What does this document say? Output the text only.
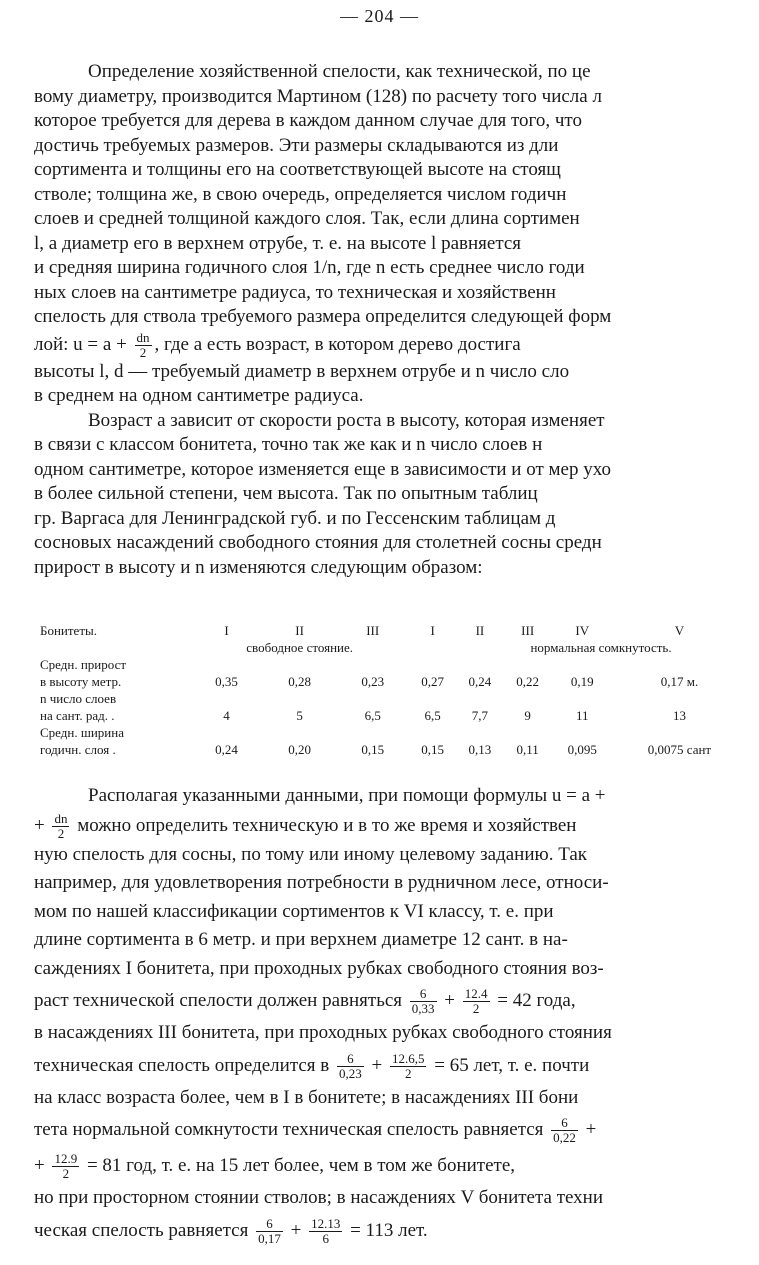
— 204 —
Определение хозяйственной спелости, как технической, по це
вому диаметру, производится Мартином (128) по расчету того числа л
которое требуется для дерева в каждом данном случае для того, что
достичь требуемых размеров. Эти размеры складываются из дли
сортимента и толщины его на соответствующей высоте на стоящ
стволе; толщина же, в свою очередь, определяется числом годичн
слоев и средней толщиной каждого слоя. Так, если длина сортимен
l, а диаметр его в верхнем отрубе, т. е. на высоте l равняется
и средняя ширина годичного слоя 1/n, где n есть среднее число годи
ных слоев на сантиметре радиуса, то техническая и хозяйственн
спелость для ствола требуемого размера определится следующей форм
лой: $u = a + \frac{dn}{2}$ , где a есть возраст, в котором дерево достига
высоты l, d — требуемый диаметр в верхнем отрубе и n число сло
в среднем на одном сантиметре радиуса.
Возраст a зависит от скорости роста в высоту, которая изменяет
в связи с классом бонитета, точно так же как и n число слоев н
одном сантиметре, которое изменяется еще в зависимости и от мер ухо
в более сильной степени, чем высота. Так по опытным таблиц
гр. Варгаса для Ленинградской губ. и по Гессенским таблицам д
сосновых насаждений свободного стояния для столетней сосны средн
прирост в высоту и n изменяются следующим образом:
Бонитеты.	I	II	III	I	II	III	IV	V
	свободное стояние.				нормальная сомкнутость.			
Средн. прирост								
в высоту метр.	0,35	0,28	0,23	0,27	0,24	0,22	0,19	0,17 м.
n число слоев								
на сант. рад. .	4	5	6,5	6,5	7,7	9	11	13
Средн. ширина								
годичн. слоя .	0,24	0,20	0,15	0,15	0,13	0,11	0,095	0,0075 сант
Располагая указанными данными, при помощи формулы u = a +
+ $\frac{dn}{2}$ можно определить техническую и в то же время и хозяйствен
ную спелость для сосны, по тому или иному целевому заданию. Так
например, для удовлетворения потребности в рудничном лесе, относи-
мом по нашей классификации сортиментов к VI классу, т. е. при
длине сортимента в 6 метр. и при верхнем диаметре 12 сант. в на-
саждениях I бонитета, при проходных рубках свободного стояния воз-
раст технической спелости должен равняться $\frac{6}{0,33} + \frac{12.4}{2} = 42$ года,
в насаждениях III бонитета, при проходных рубках свободного стояния
техническая спелость определится в $\frac{6}{0,23} + \frac{12.6,5}{2} = 65$ лет, т. е. почти
на класс возраста более, чем в I в бонитете; в насаждениях III бони
тета нормальной сомкнутости техническая спелость равняется $\frac{6}{0,22}$ +
+ $\frac{12.9}{2} = 81$ год, т. е. на 15 лет более, чем в том же бонитете,
но при просторном стоянии стволов; в насаждениях V бонитета техни
ческая спелость равняется $\frac{6}{0,17} + \frac{12.13}{6} = 113$ лет.
